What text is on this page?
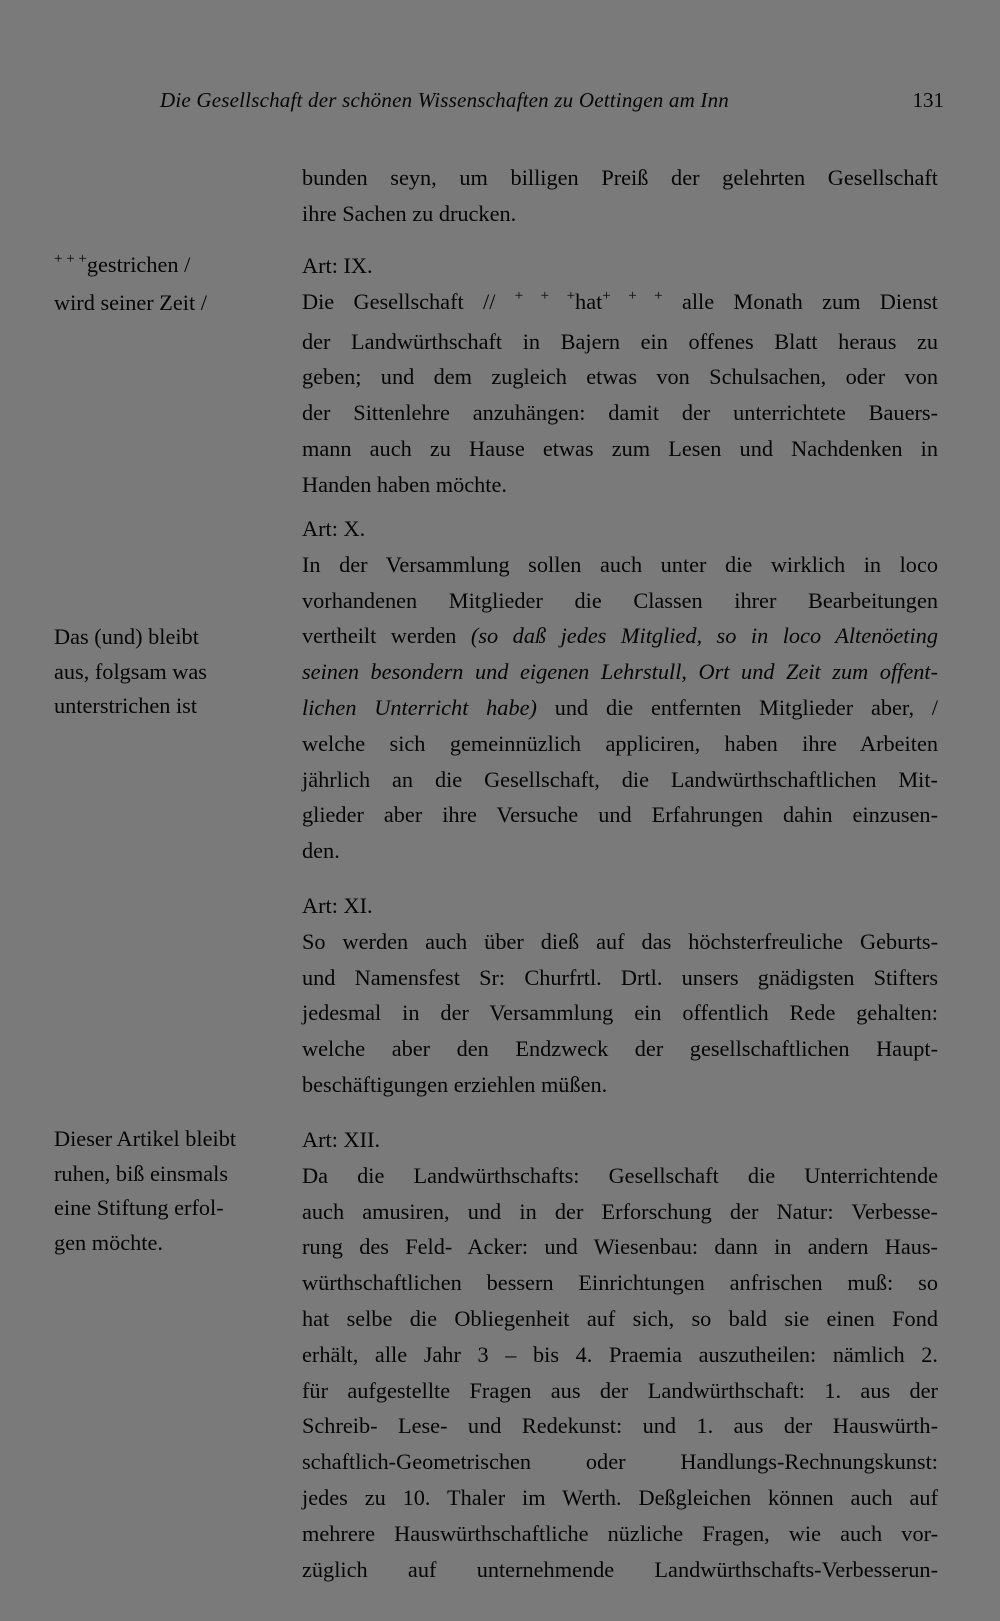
Die Gesellschaft der schönen Wissenschaften zu Oettingen am Inn	131
bunden seyn, um billigen Preiß der gelehrten Gesellschaft
ihre Sachen zu drucken.
Art: IX.
Die Gesellschaft // + + +hat+ + + alle Monath zum Dienst
der Landwürthschaft in Bajern ein offenes Blatt heraus zu
geben; und dem zugleich etwas von Schulsachen, oder von
der Sittenlehre anzuhängen: damit der unterrichtete Bauers-
mann auch zu Hause etwas zum Lesen und Nachdenken in
Handen haben möchte.
Art: X.
In der Versammlung sollen auch unter die wirklich in loco
vorhandenen Mitglieder die Classen ihrer Bearbeitungen
vertheilt werden (so daß jedes Mitglied, so in loco Altenöeting
seinen besondern und eigenen Lehrstull, Ort und Zeit zum offent-
lichen Unterricht habe) und die entfernten Mitglieder aber, /
welche sich gemeinnüzlich appliciren, haben ihre Arbeiten
jährlich an die Gesellschaft, die Landwürthschaftlichen Mit-
glieder aber ihre Versuche und Erfahrungen dahin einzusen-
den.
Art: XI.
So werden auch über dieß auf das höchsterfreuliche Geburts-
und Namensfest Sr: Churfrtl. Drtl. unsers gnädigsten Stifters
jedesmal in der Versammlung ein offentlich Rede gehalten:
welche aber den Endzweck der gesellschaftlichen Haupt-
beschäftigungen erziehlen müßen.
Art: XII.
Da die Landwürthschafts: Gesellschaft die Unterrichtende
auch amusiren, und in der Erforschung der Natur: Verbesse-
rung des Feld- Acker: und Wiesenbau: dann in andern Haus-
würthschaftlichen bessern Einrichtungen anfrischen muß: so
hat selbe die Obliegenheit auf sich, so bald sie einen Fond
erhält, alle Jahr 3 – bis 4. Praemia auszutheilen: nämlich 2.
für aufgestellte Fragen aus der Landwürthschaft: 1. aus der
Schreib- Lese- und Redekunst: und 1. aus der Hauswürth-
schaftlich-Geometrischen oder Handlungs-Rechnungskunst:
jedes zu 10. Thaler im Werth. Deßgleichen können auch auf
mehrere Hauswürthschaftliche nüzliche Fragen, wie auch vor-
züglich auf unternehmende Landwürthschafts-Verbesserun-
+ + +gestrichen /
wird seiner Zeit /
Das (und) bleibt
aus, folgsam was
unterstrichen ist
Dieser Artikel bleibt
ruhen, biß einsmals
eine Stiftung erfol-
gen möchte.
